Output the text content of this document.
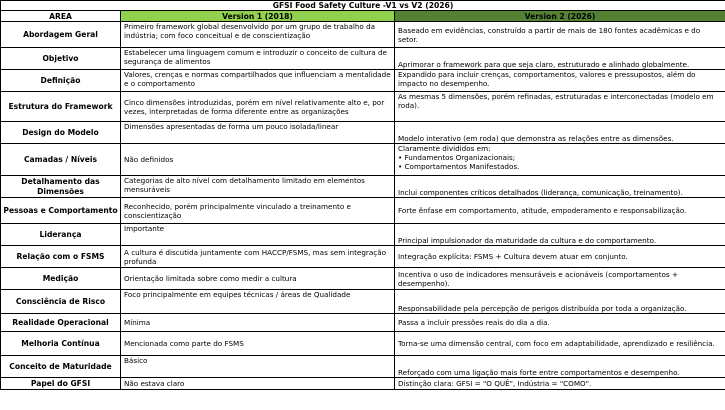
GFSI Food Safety Culture -V1 vs V2 (2026)		
AREA	Version 1 (2018)	Version 2 (2026)
Abordagem Geral	Primeiro framework global desenvolvido por um grupo de trabalho da indústria; com foco conceitual e de conscientização	Baseado em evidências, construído a partir de mais de 180 fontes acadêmicas e do setor.
Objetivo	Estabelecer uma linguagem comum e introduzir o conceito de cultura de segurança de alimentos	Aprimorar o framework para que seja claro, estruturado e alinhado globalmente.
Definição	Valores, crenças e normas compartilhados que influenciam a mentalidade e o comportamento	Expandido para incluir crenças, comportamentos, valores e pressupostos, além do impacto no desempenho.
Estrutura do Framework	Cinco dimensões introduzidas, porém em nível relativamente alto e, por vezes, interpretadas de forma diferente entre as organizações	As mesmas 5 dimensões, porém refinadas, estruturadas e interconectadas (modelo em roda).
Design do Modelo	Dimensões apresentadas de forma um pouco isolada/linear	Modelo interativo (em roda) que demonstra as relações entre as dimensões.
Camadas / Níveis	Não definidos	Claramente divididos em:
• Fundamentos Organizacionais;
• Comportamentos Manifestados.

Detalhamento das Dimensões	Categorias de alto nível com detalhamento limitado em elementos mensuráveis	Inclui componentes críticos detalhados (liderança, comunicação, treinamento).
Pessoas e Comportamento	Reconhecido, porém principalmente vinculado a treinamento e conscientização	Forte ênfase em comportamento, atitude, empoderamento e responsabilização.
Liderança	Importante	Principal impulsionador da maturidade da cultura e do comportamento.
Relação com o FSMS	A cultura é discutida juntamente com HACCP/FSMS, mas sem integração profunda	Integração explícita: FSMS + Cultura devem atuar em conjunto.
Medição	Orientação limitada sobre como medir a cultura	Incentiva o uso de indicadores mensuráveis e acionáveis (comportamentos + desempenho).
Consciência de Risco	Foco principalmente em equipes técnicas / áreas de Qualidade	Responsabilidade pela percepção de perigos distribuída por toda a organização.
Realidade Operacional	Mínima	Passa a incluir pressões reais do dia a dia.
Melhoria Contínua	Mencionada como parte do FSMS	Torna-se uma dimensão central, com foco em adaptabilidade, aprendizado e resiliência.
Conceito de Maturidade	Básico	Reforçado com uma ligação mais forte entre comportamentos e desempenho.
Papel do GFSI	Não estava claro	Distinção clara: GFSI = "O QUÊ", Indústria = "COMO".
